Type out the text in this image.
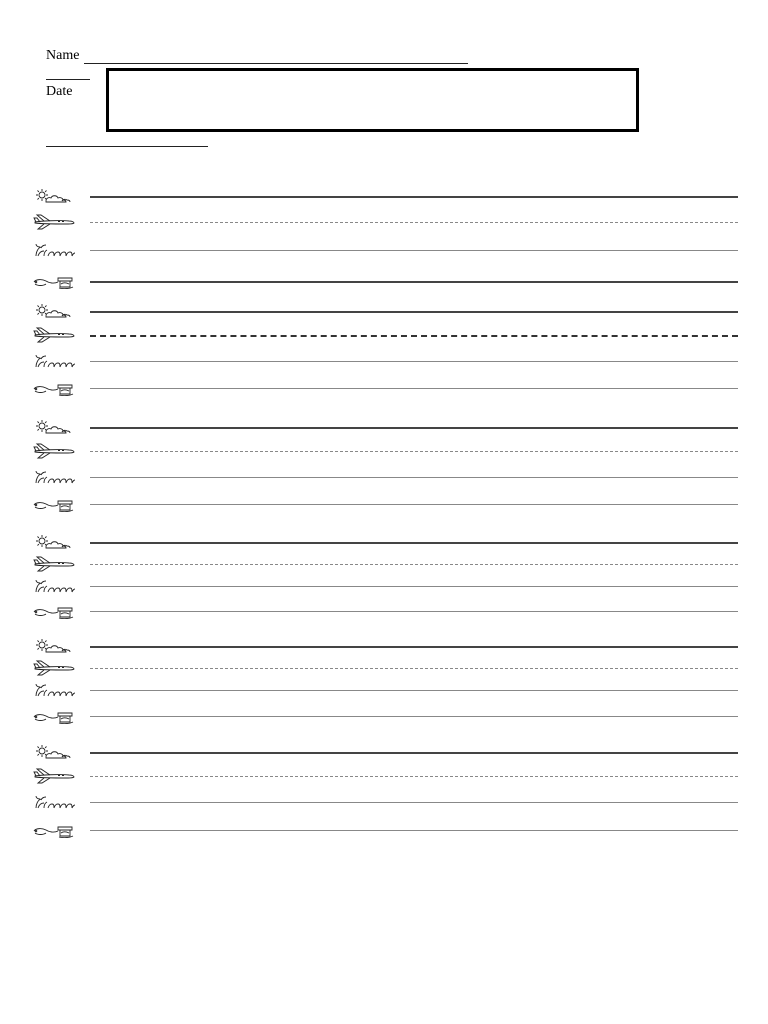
Name
Date
